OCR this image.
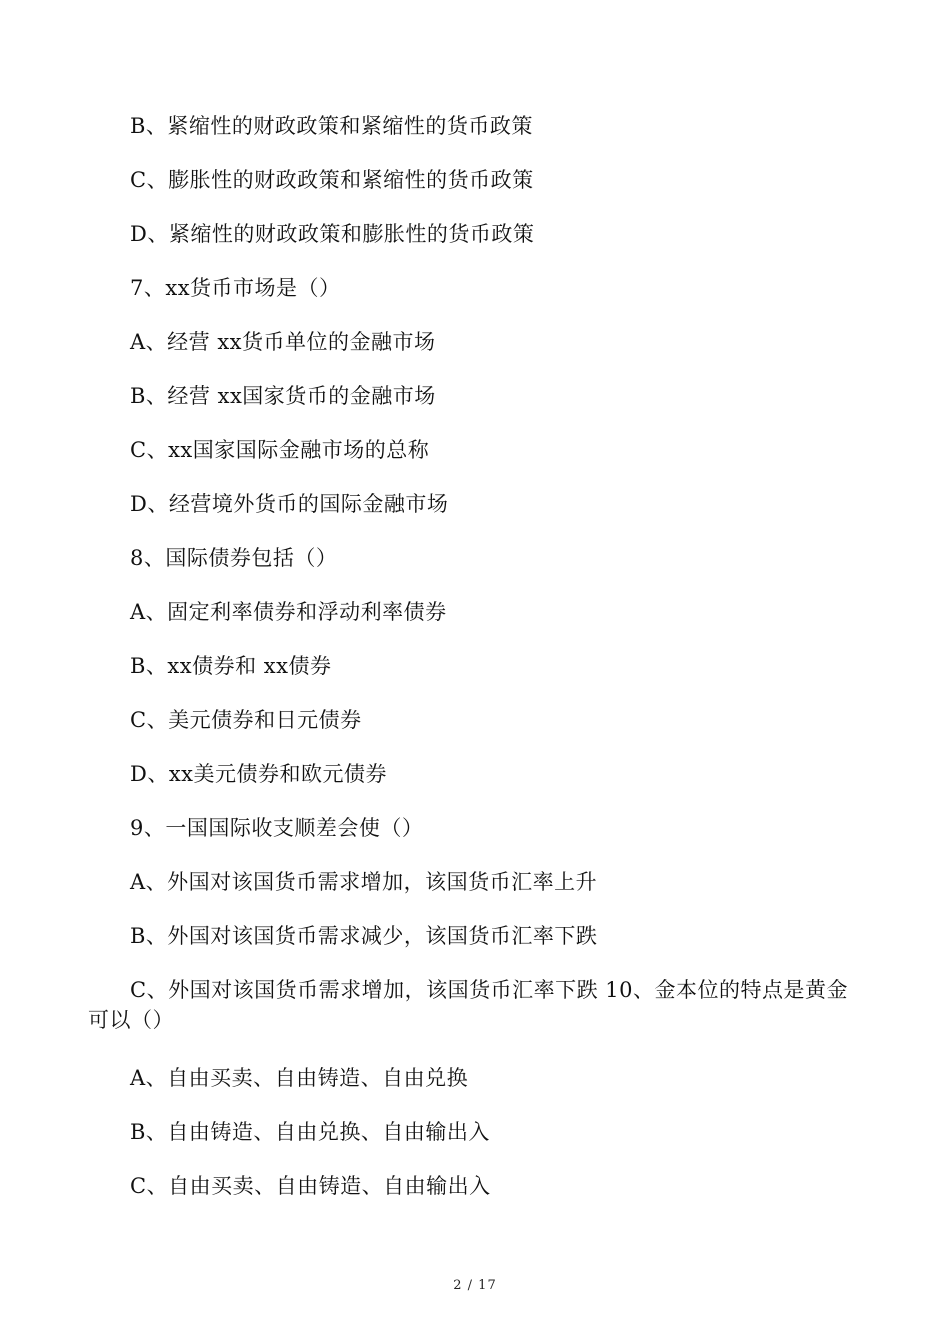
B、紧缩性的财政政策和紧缩性的货币政策
C、膨胀性的财政政策和紧缩性的货币政策
D、紧缩性的财政政策和膨胀性的货币政策
7、xx货币市场是（）
A、经营 xx货币单位的金融市场
B、经营 xx国家货币的金融市场
C、xx国家国际金融市场的总称
D、经营境外货币的国际金融市场
8、国际债券包括（）
A、固定利率债券和浮动利率债券
B、xx债券和 xx债券
C、美元债券和日元债券
D、xx美元债券和欧元债券
9、一国国际收支顺差会使（）
A、外国对该国货币需求增加，该国货币汇率上升
B、外国对该国货币需求减少，该国货币汇率下跌
C、外国对该国货币需求增加，该国货币汇率下跌 10、金本位的特点是黄金可以（）
A、自由买卖、自由铸造、自由兑换
B、自由铸造、自由兑换、自由输出入
C、自由买卖、自由铸造、自由输出入
2 / 17
